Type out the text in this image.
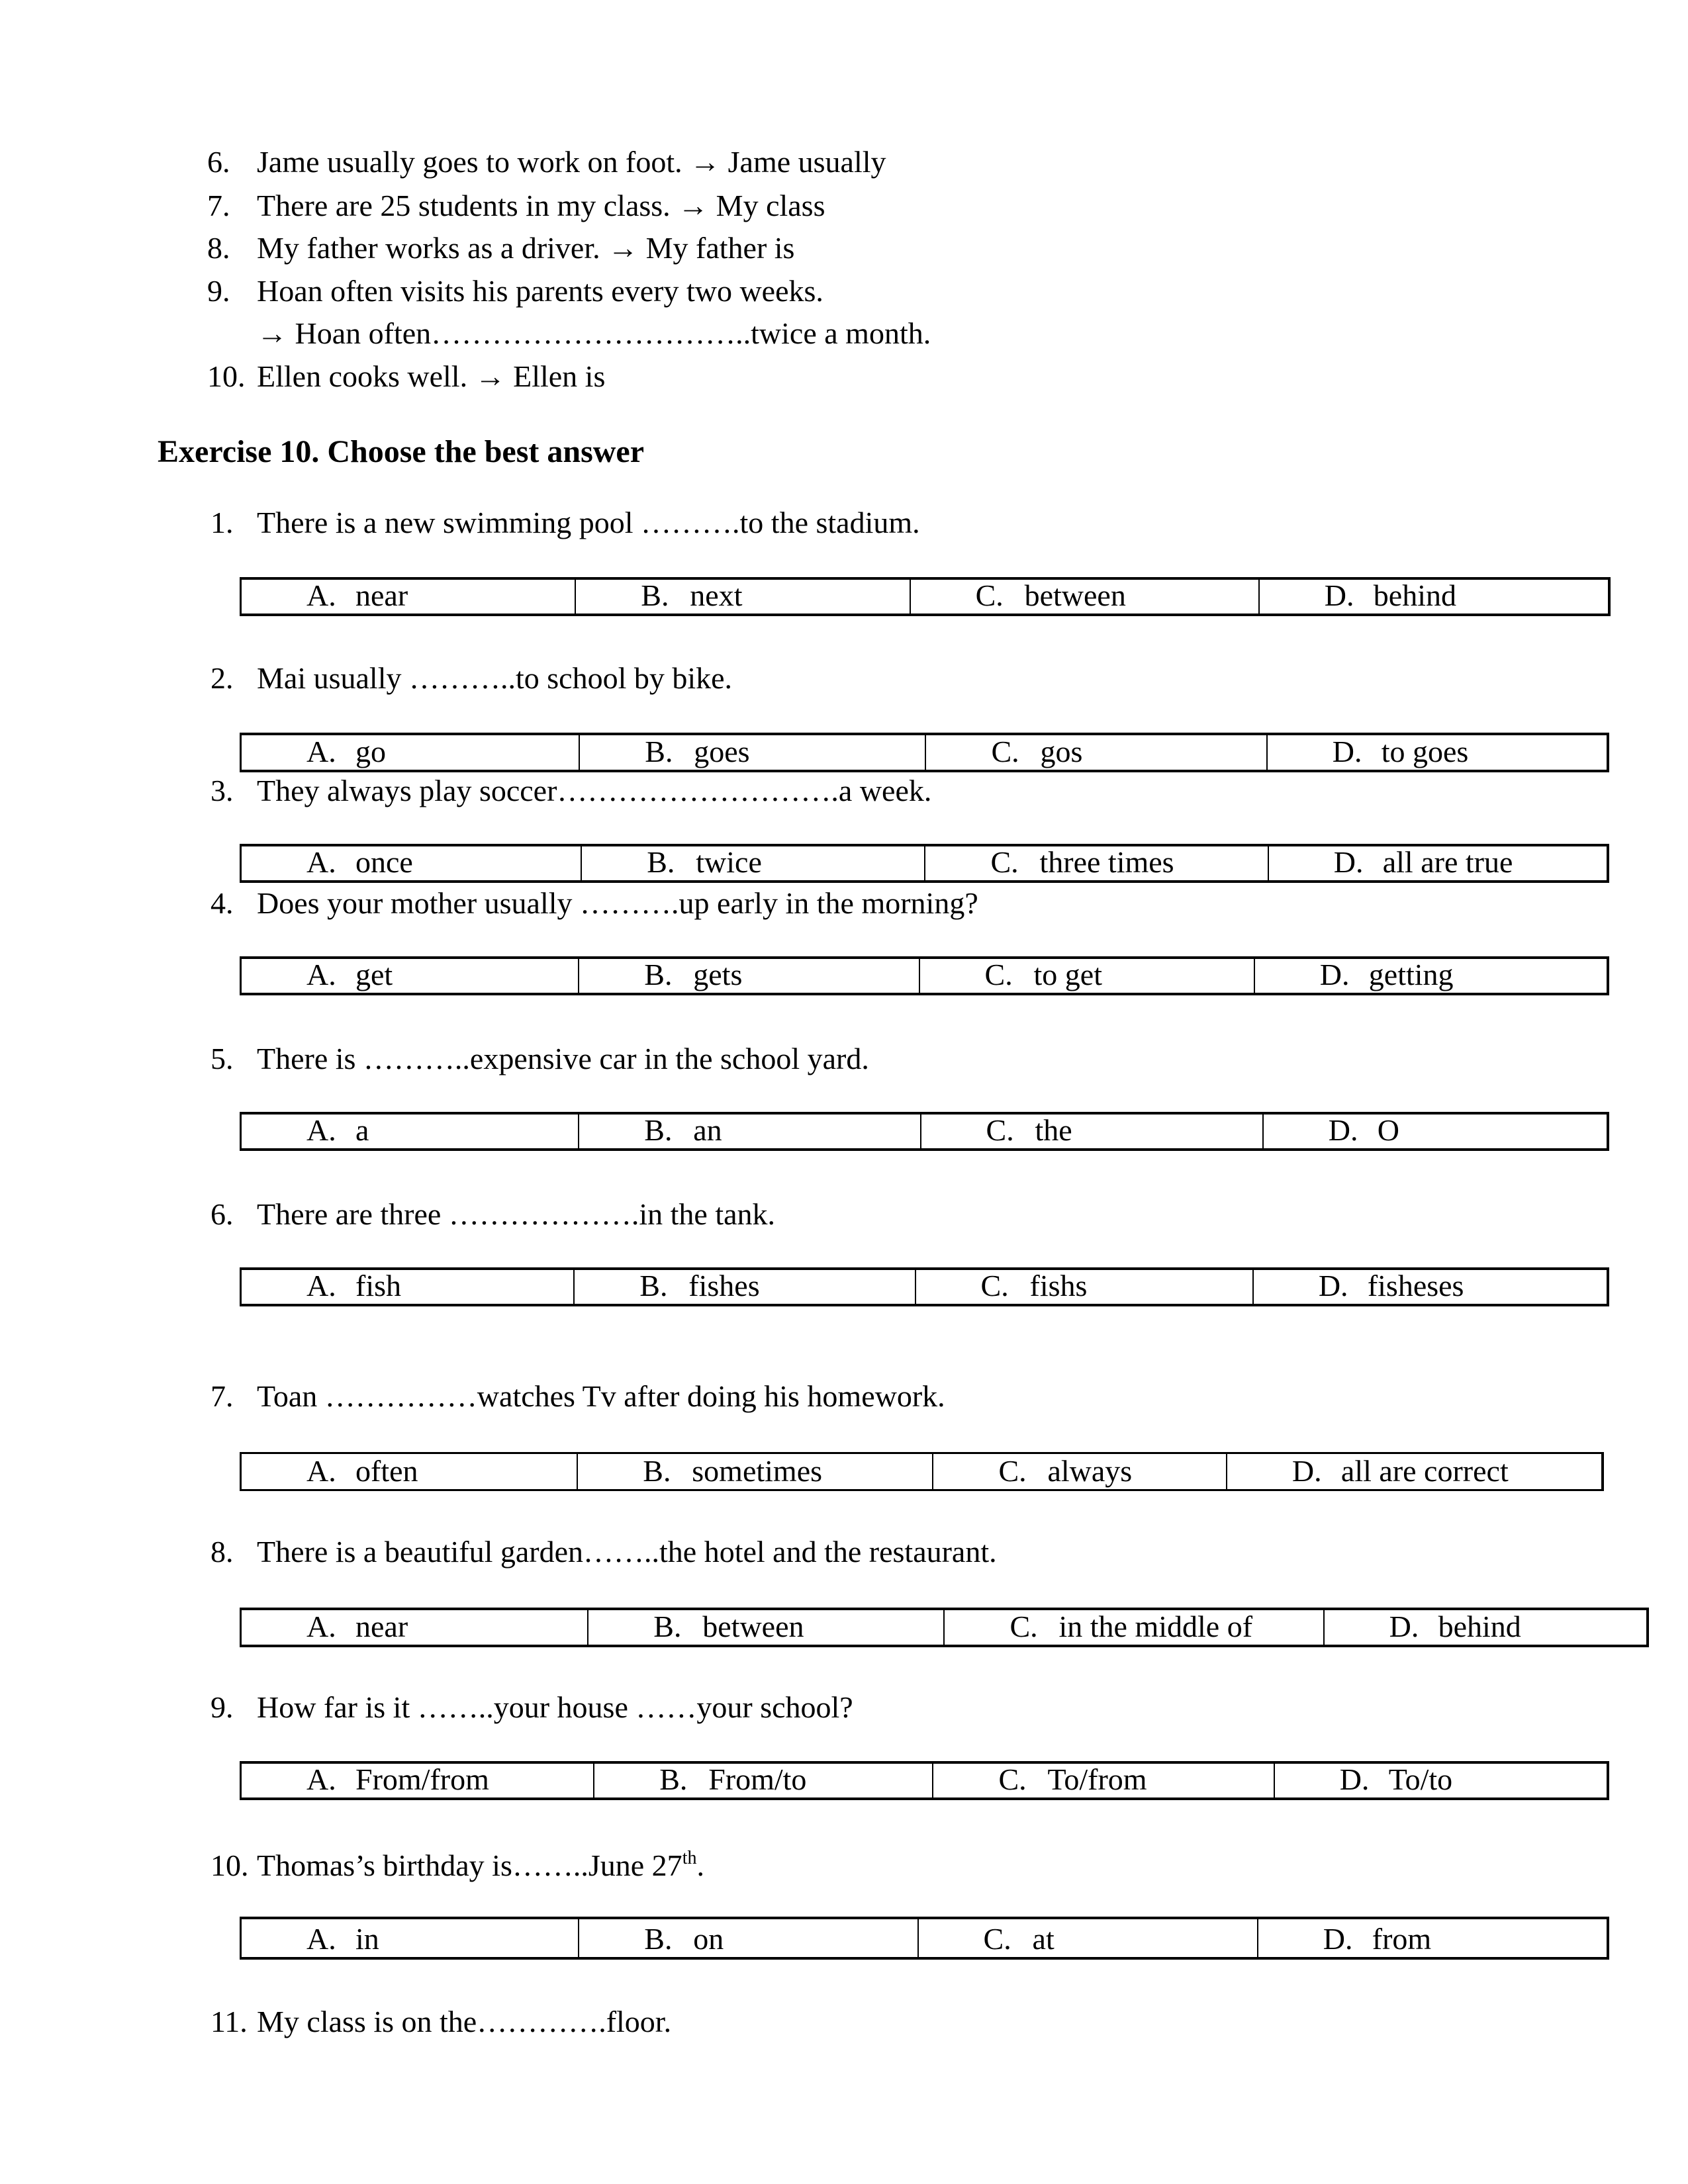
6. Jame usually goes to work on foot. → Jame usually
7. There are 25 students in my class. → My class
8. My father works as a driver. → My father is
9. Hoan often visits his parents every two weeks.
→ Hoan often…………………………..twice a month.
10. Ellen cooks well. → Ellen is
Exercise 10. Choose the best answer
1. There is a new swimming pool ……….to the stadium.
A. near	B. next	C. between	D. behind
2. Mai usually ………..to school by bike.
A. go	B. goes	C. gos	D. to goes
3. They always play soccer……………………….a week.
A. once	B. twice	C. three times	D. all are true
4. Does your mother usually ……….up early in the morning?
A. get	B. gets	C. to get	D. getting
5. There is ………..expensive car in the school yard.
A. a	B. an	C. the	D. O
6. There are three ……………….in the tank.
A. fish	B. fishes	C. fishs	D. fisheses
7. Toan ……………watches Tv after doing his homework.
A. often	B. sometimes	C. always	D. all are correct
8. There is a beautiful garden……..the hotel and the restaurant.
A. near	B. between	C. in the middle of	D. behind
9. How far is it ……..your house ……your school?
A. From/from	B. From/to	C. To/from	D. To/to
10. Thomas’s birthday is……..June 27th.
A. in	B. on	C. at	D. from
11. My class is on the………….floor.
